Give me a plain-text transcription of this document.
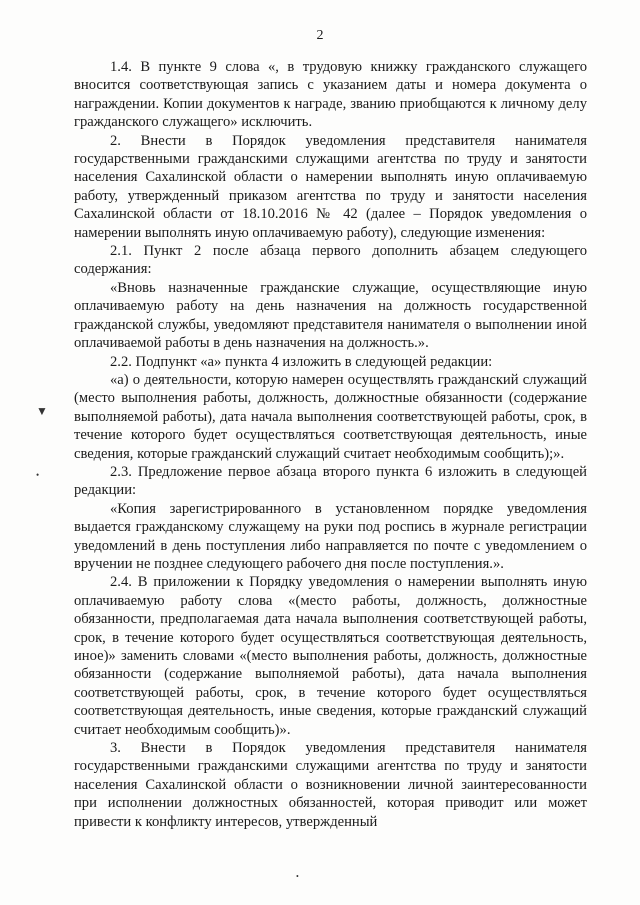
2

1.4. В пункте 9 слова «, в трудовую книжку гражданского служащего вносится соответствующая запись с указанием даты и номера документа о награждении. Копии документов к награде, званию приобщаются к личному делу гражданского служащего» исключить.

2. Внести в Порядок уведомления представителя нанимателя государственными гражданскими служащими агентства по труду и занятости населения Сахалинской области о намерении выполнять иную оплачиваемую работу, утвержденный приказом агентства по труду и занятости населения Сахалинской области от 18.10.2016 № 42 (далее – Порядок уведомления о намерении выполнять иную оплачиваемую работу), следующие изменения:

2.1. Пункт 2 после абзаца первого дополнить абзацем следующего содержания:

«Вновь назначенные гражданские служащие, осуществляющие иную оплачиваемую работу на день назначения на должность государственной гражданской службы, уведомляют представителя нанимателя о выполнении иной оплачиваемой работы в день назначения на должность.».

2.2. Подпункт «а» пункта 4 изложить в следующей редакции:

«а) о деятельности, которую намерен осуществлять гражданский служащий (место выполнения работы, должность, должностные обязанности (содержание выполняемой работы), дата начала выполнения соответствующей работы, срок, в течение которого будет осуществляться соответствующая деятельность, иные сведения, которые гражданский служащий считает необходимым сообщить);».

2.3. Предложение первое абзаца второго пункта 6 изложить в следующей редакции:

«Копия зарегистрированного в установленном порядке уведомления выдается гражданскому служащему на руки под роспись в журнале регистрации уведомлений в день поступления либо направляется по почте с уведомлением о вручении не позднее следующего рабочего дня после поступления.».

2.4. В приложении к Порядку уведомления о намерении выполнять иную оплачиваемую работу слова «(место работы, должность, должностные обязанности, предполагаемая дата начала выполнения соответствующей работы, срок, в течение которого будет осуществляться соответствующая деятельность, иное)» заменить словами «(место выполнения работы, должность, должностные обязанности (содержание выполняемой работы), дата начала выполнения соответствующей работы, срок, в течение которого будет осуществляться соответствующая деятельность, иные сведения, которые гражданский служащий считает необходимым сообщить)».

3. Внести в Порядок уведомления представителя нанимателя государственными гражданскими служащими агентства по труду и занятости населения Сахалинской области о возникновении личной заинтересованности при исполнении должностных обязанностей, которая приводит или может привести к конфликту интересов, утвержденный

▼
•
•
